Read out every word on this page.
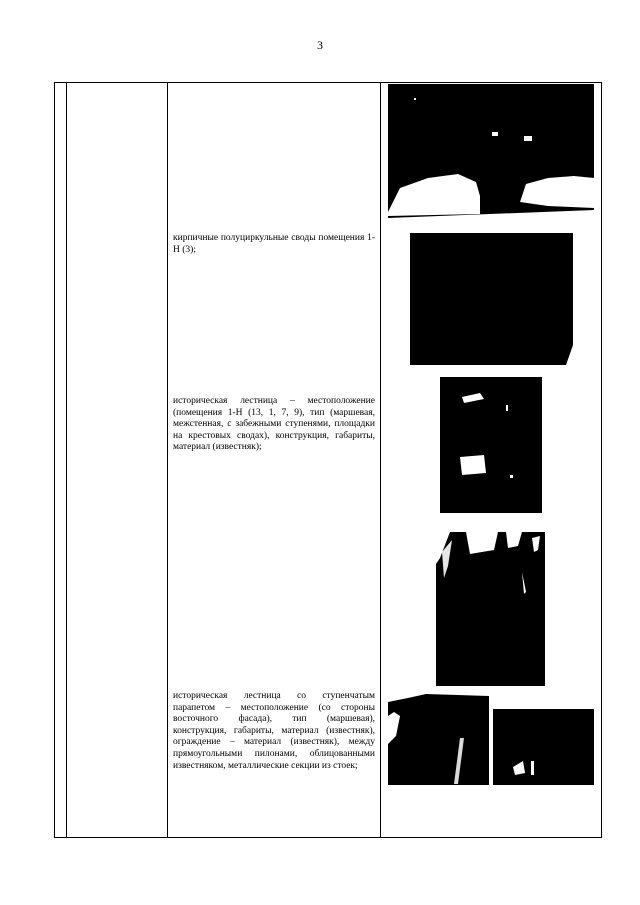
3
кирпичные полуциркульные своды помещения 1-Н (3);
историческая лестница – местоположение (помещения 1-Н (13, 1, 7, 9), тип (маршевая, межстенная, с забежными ступенями, площадки на крестовых сводах), конструкция, габариты, материал (известняк);
историческая лестница со ступенчатым парапетом – местоположение (со стороны восточного фасада), тип (маршевая), конструкция, габариты, материал (известняк), ограждение – материал (известняк), между прямоугольными пилонами, облицованными известняком, металлические секции из стоек;
